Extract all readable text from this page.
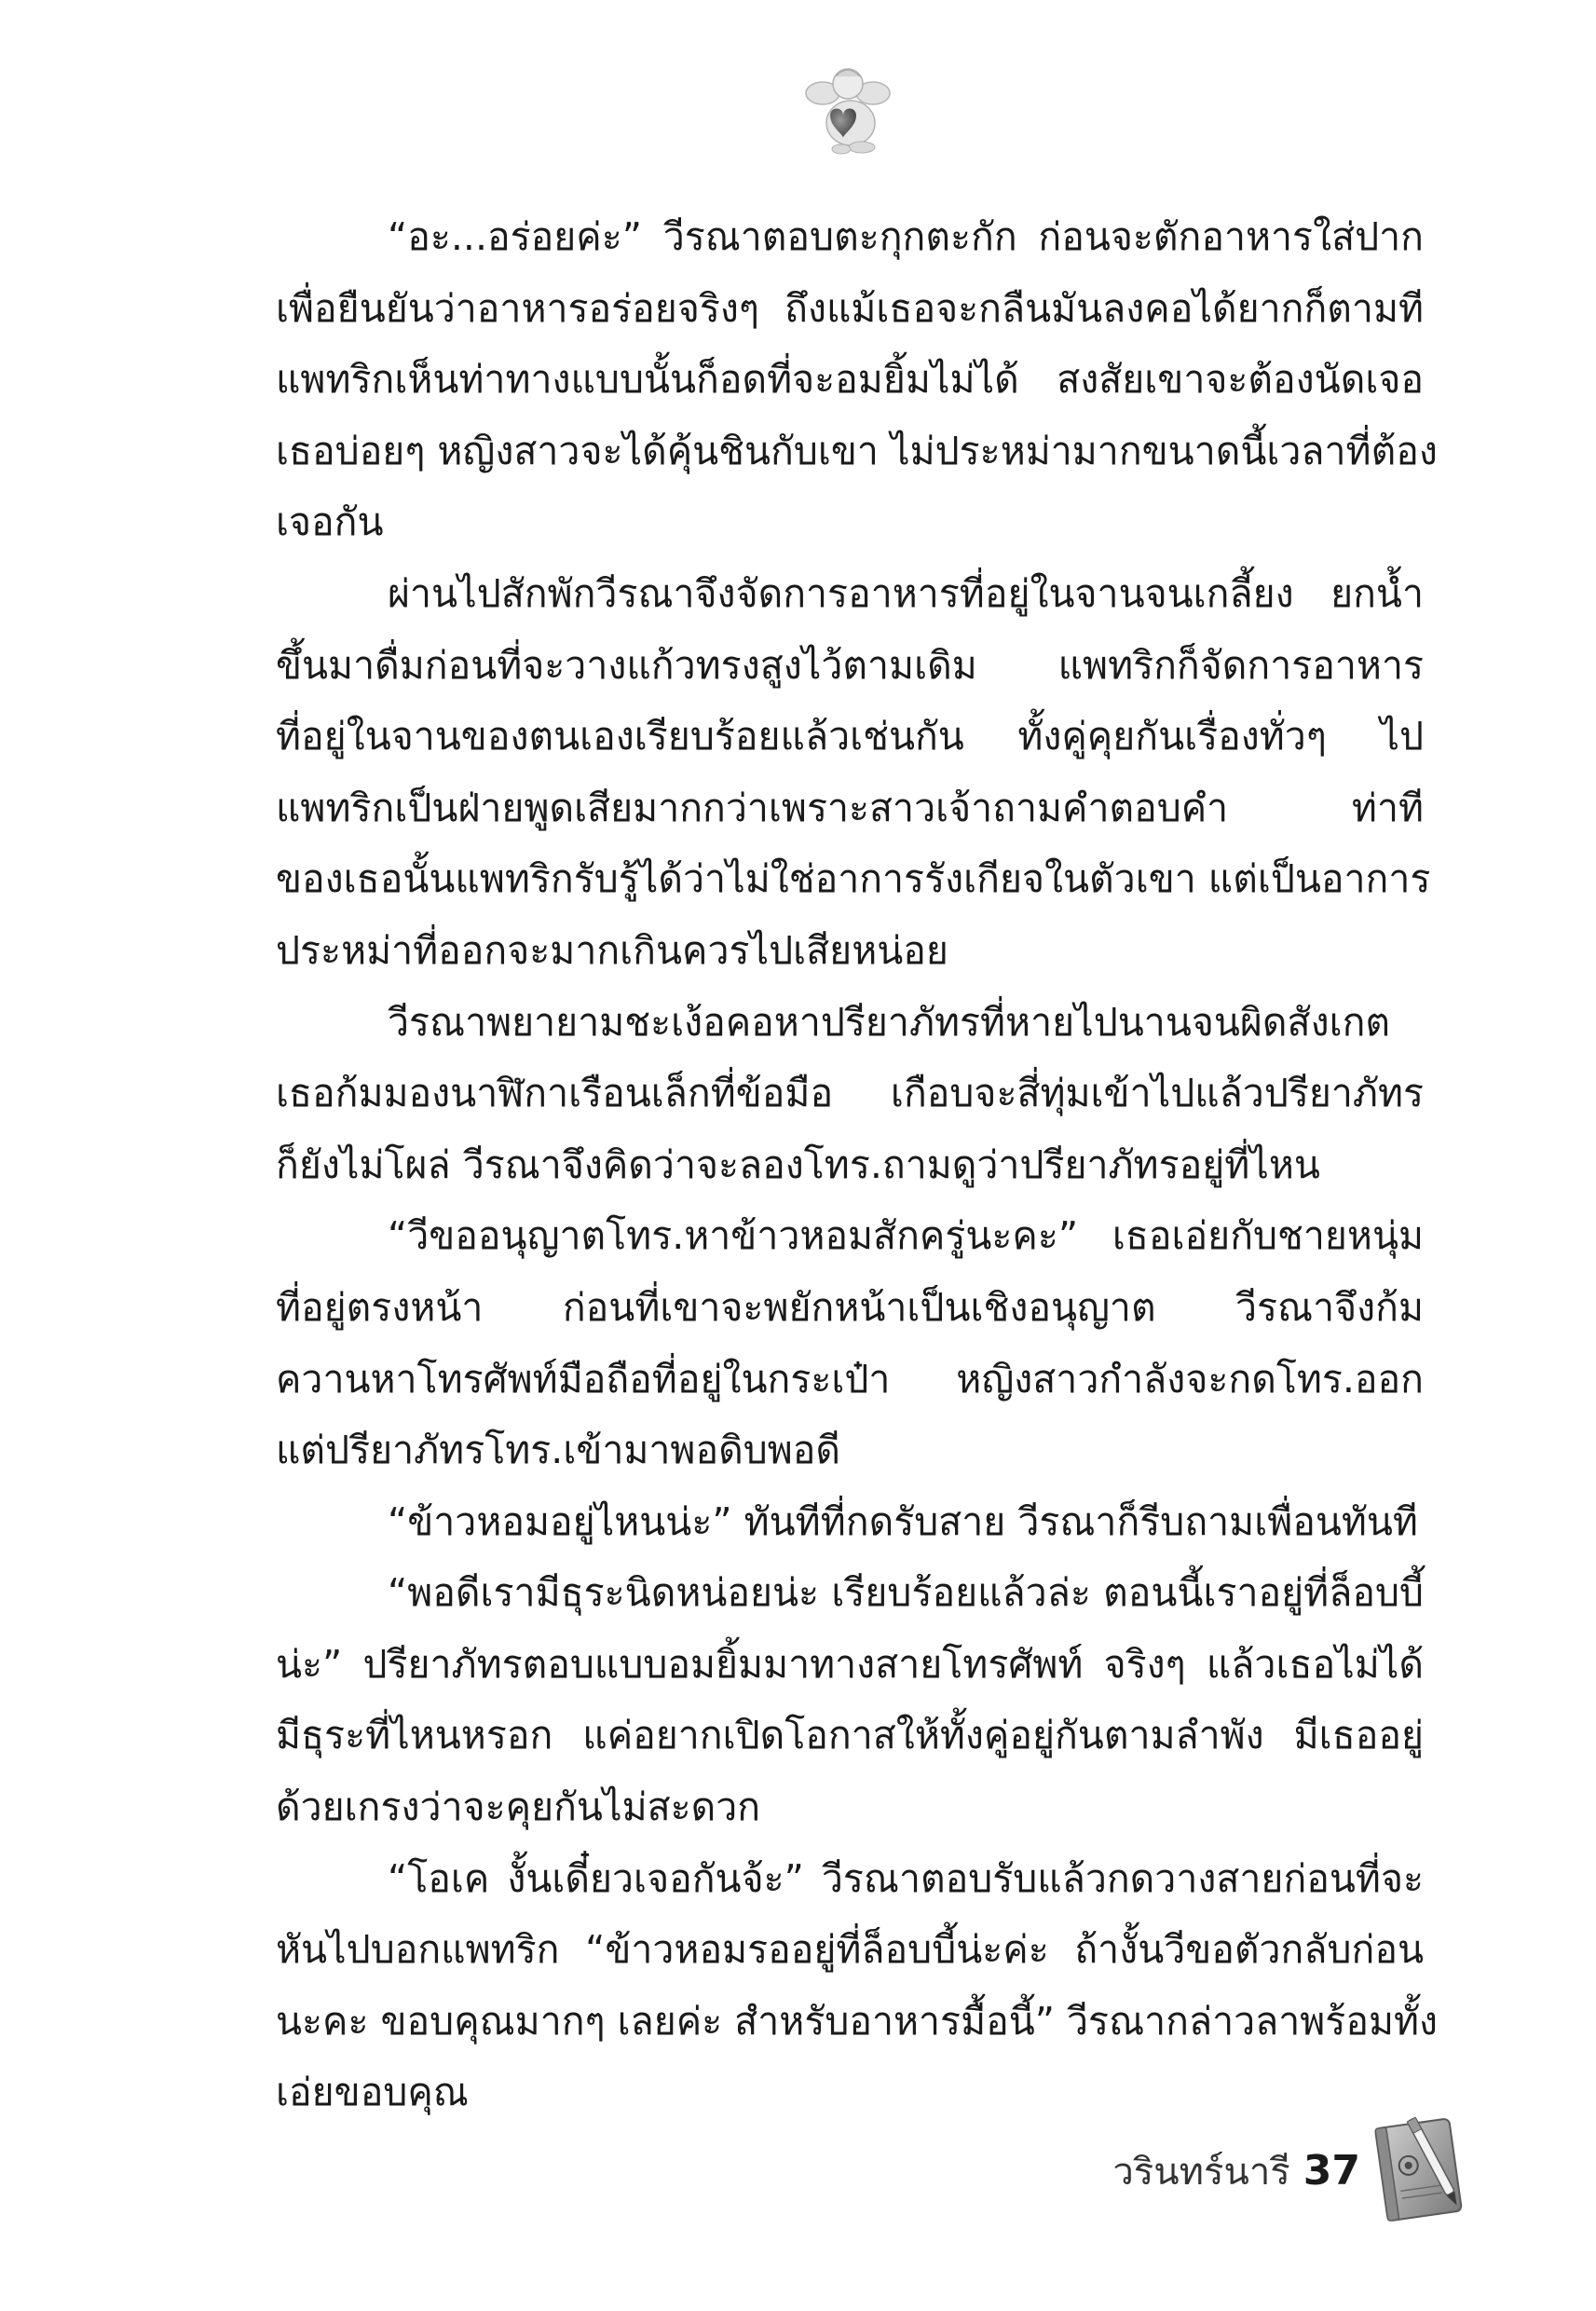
“อะ...อร่อยค่ะ” วีรณาตอบตะกุกตะกัก ก่อนจะตักอาหารใส่ปาก
เพื่อยืนยันว่าอาหารอร่อยจริงๆ ถึงแม้เธอจะกลืนมันลงคอได้ยากก็ตามที
แพทริกเห็นท่าทางแบบนั้นก็อดที่จะอมยิ้มไม่ได้ สงสัยเขาจะต้องนัดเจอ
เธอบ่อยๆ หญิงสาวจะได้คุ้นชินกับเขา ไม่ประหม่ามากขนาดนี้เวลาที่ต้อง
เจอกัน
ผ่านไปสักพักวีรณาจึงจัดการอาหารที่อยู่ในจานจนเกลี้ยง ยกน้ำ
ขึ้นมาดื่มก่อนที่จะวางแก้วทรงสูงไว้ตามเดิม แพทริกก็จัดการอาหาร
ที่อยู่ในจานของตนเองเรียบร้อยแล้วเช่นกัน ทั้งคู่คุยกันเรื่องทั่วๆ ไป
แพทริกเป็นฝ่ายพูดเสียมากกว่าเพราะสาวเจ้าถามคำตอบคำ ท่าที
ของเธอนั้นแพทริกรับรู้ได้ว่าไม่ใช่อาการรังเกียจในตัวเขา แต่เป็นอาการ
ประหม่าที่ออกจะมากเกินควรไปเสียหน่อย
วีรณาพยายามชะเง้อคอหาปรียาภัทรที่หายไปนานจนผิดสังเกต
เธอก้มมองนาฬิกาเรือนเล็กที่ข้อมือ เกือบจะสี่ทุ่มเข้าไปแล้วปรียาภัทร
ก็ยังไม่โผล่ วีรณาจึงคิดว่าจะลองโทร.ถามดูว่าปรียาภัทรอยู่ที่ไหน
“วีขออนุญาตโทร.หาข้าวหอมสักครู่นะคะ” เธอเอ่ยกับชายหนุ่ม
ที่อยู่ตรงหน้า ก่อนที่เขาจะพยักหน้าเป็นเชิงอนุญาต วีรณาจึงก้ม
ควานหาโทรศัพท์มือถือที่อยู่ในกระเป๋า หญิงสาวกำลังจะกดโทร.ออก
แต่ปรียาภัทรโทร.เข้ามาพอดิบพอดี
“ข้าวหอมอยู่ไหนน่ะ” ทันทีที่กดรับสาย วีรณาก็รีบถามเพื่อนทันที
“พอดีเรามีธุระนิดหน่อยน่ะ เรียบร้อยแล้วล่ะ ตอนนี้เราอยู่ที่ล็อบบี้
น่ะ” ปรียาภัทรตอบแบบอมยิ้มมาทางสายโทรศัพท์ จริงๆ แล้วเธอไม่ได้
มีธุระที่ไหนหรอก แค่อยากเปิดโอกาสให้ทั้งคู่อยู่กันตามลำพัง มีเธออยู่
ด้วยเกรงว่าจะคุยกันไม่สะดวก
“โอเค งั้นเดี๋ยวเจอกันจ้ะ” วีรณาตอบรับแล้วกดวางสายก่อนที่จะ
หันไปบอกแพทริก “ข้าวหอมรออยู่ที่ล็อบบี้น่ะค่ะ ถ้างั้นวีขอตัวกลับก่อน
นะคะ ขอบคุณมากๆ เลยค่ะ สำหรับอาหารมื้อนี้” วีรณากล่าวลาพร้อมทั้ง
เอ่ยขอบคุณ
วรินทร์นารี 37
